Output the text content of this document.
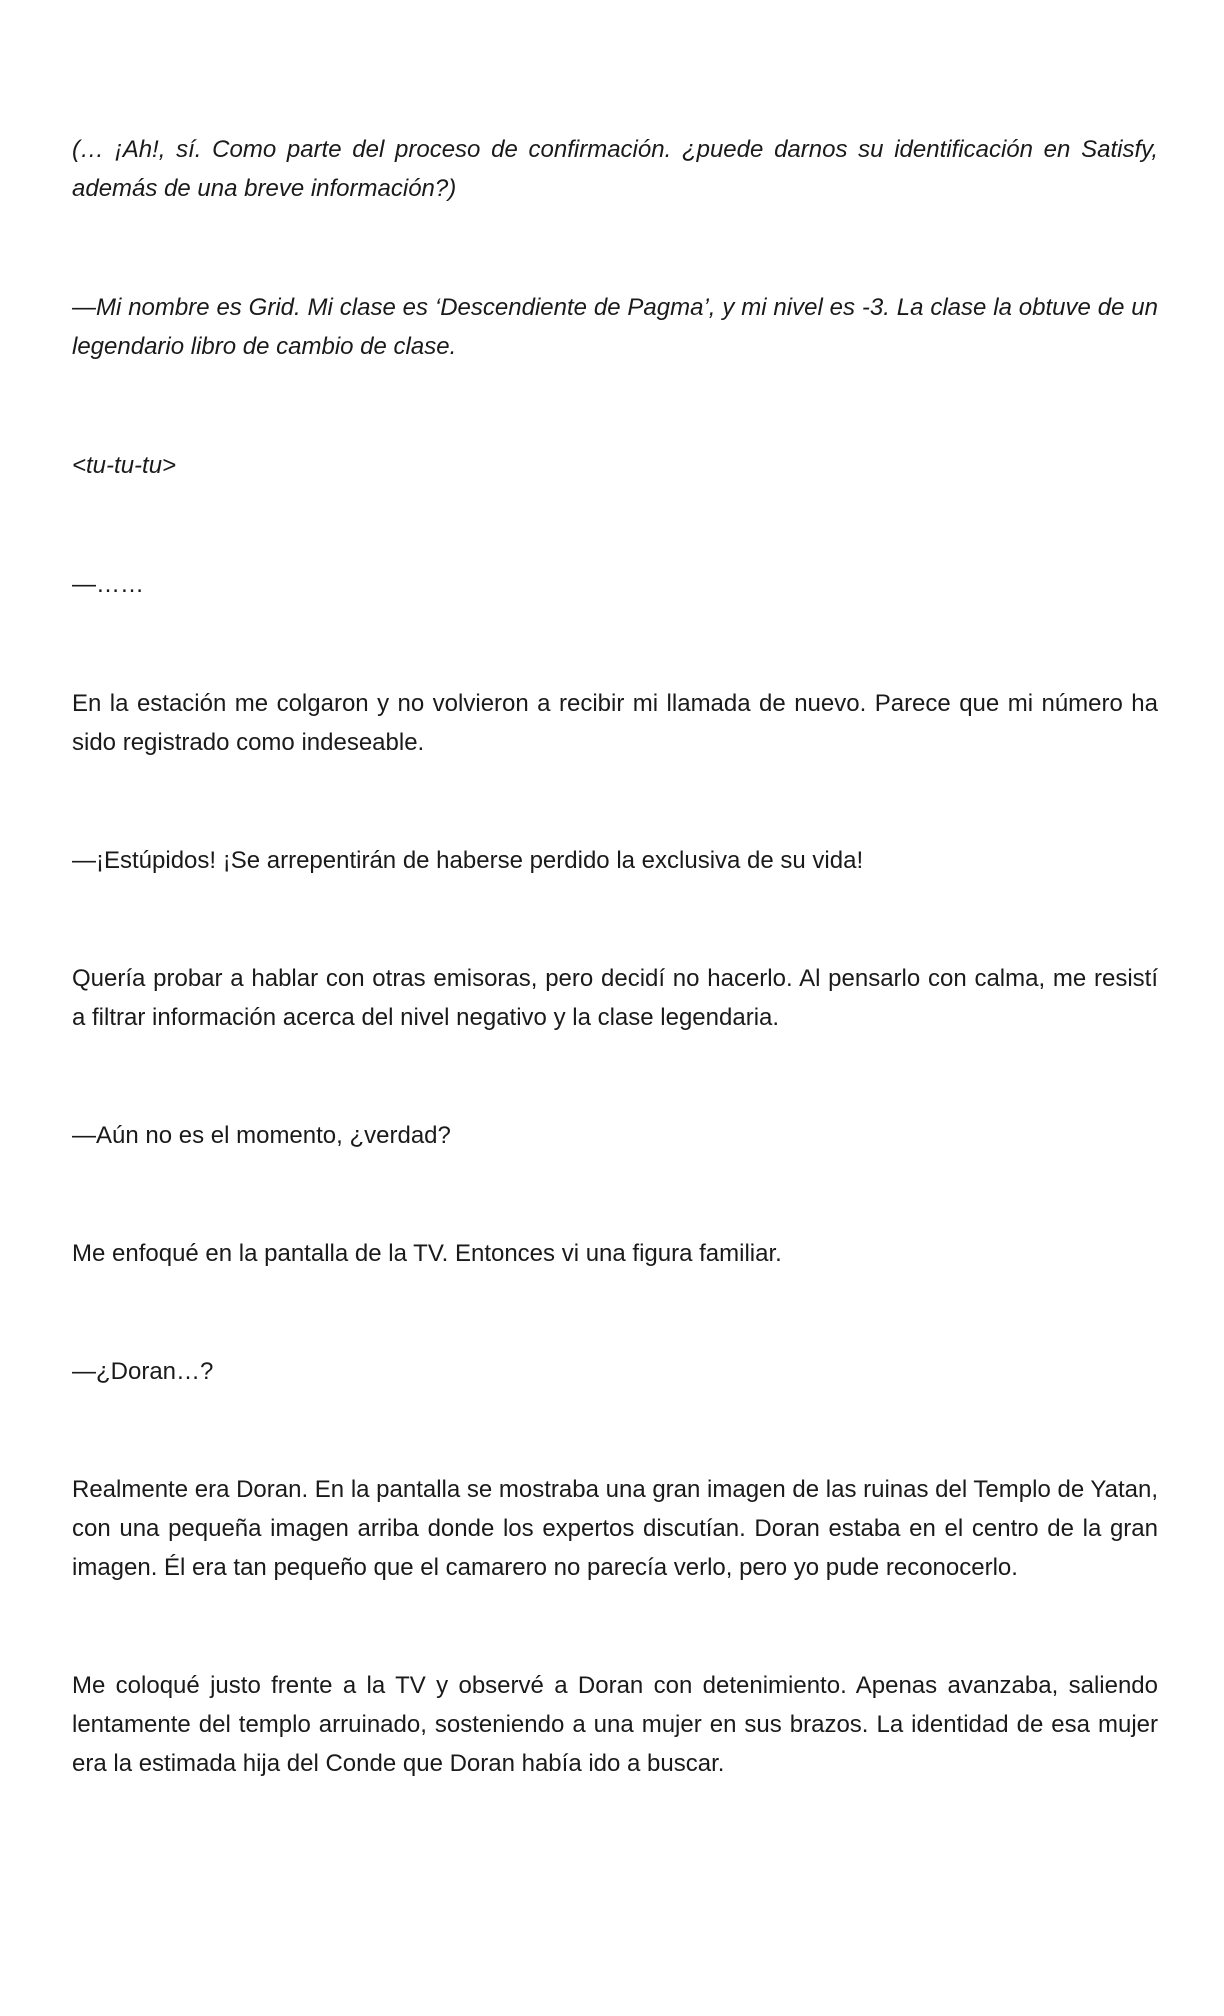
(… ¡Ah!, sí. Como parte del proceso de confirmación. ¿puede darnos su identificación en Satisfy, además de una breve información?)

—Mi nombre es Grid. Mi clase es ‘Descendiente de Pagma’, y mi nivel es -3. La clase la obtuve de un legendario libro de cambio de clase.

<tu-tu-tu>

—……

En la estación me colgaron y no volvieron a recibir mi llamada de nuevo. Parece que mi número ha sido registrado como indeseable.

—¡Estúpidos! ¡Se arrepentirán de haberse perdido la exclusiva de su vida!

Quería probar a hablar con otras emisoras, pero decidí no hacerlo. Al pensarlo con calma, me resistí a filtrar información acerca del nivel negativo y la clase legendaria.

—Aún no es el momento, ¿verdad?

Me enfoqué en la pantalla de la TV. Entonces vi una figura familiar.

—¿Doran…?

Realmente era Doran. En la pantalla se mostraba una gran imagen de las ruinas del Templo de Yatan, con una pequeña imagen arriba donde los expertos discutían. Doran estaba en el centro de la gran imagen. Él era tan pequeño que el camarero no parecía verlo, pero yo pude reconocerlo.

Me coloqué justo frente a la TV y observé a Doran con detenimiento. Apenas avanzaba, saliendo lentamente del templo arruinado, sosteniendo a una mujer en sus brazos. La identidad de esa mujer era la estimada hija del Conde que Doran había ido a buscar.
